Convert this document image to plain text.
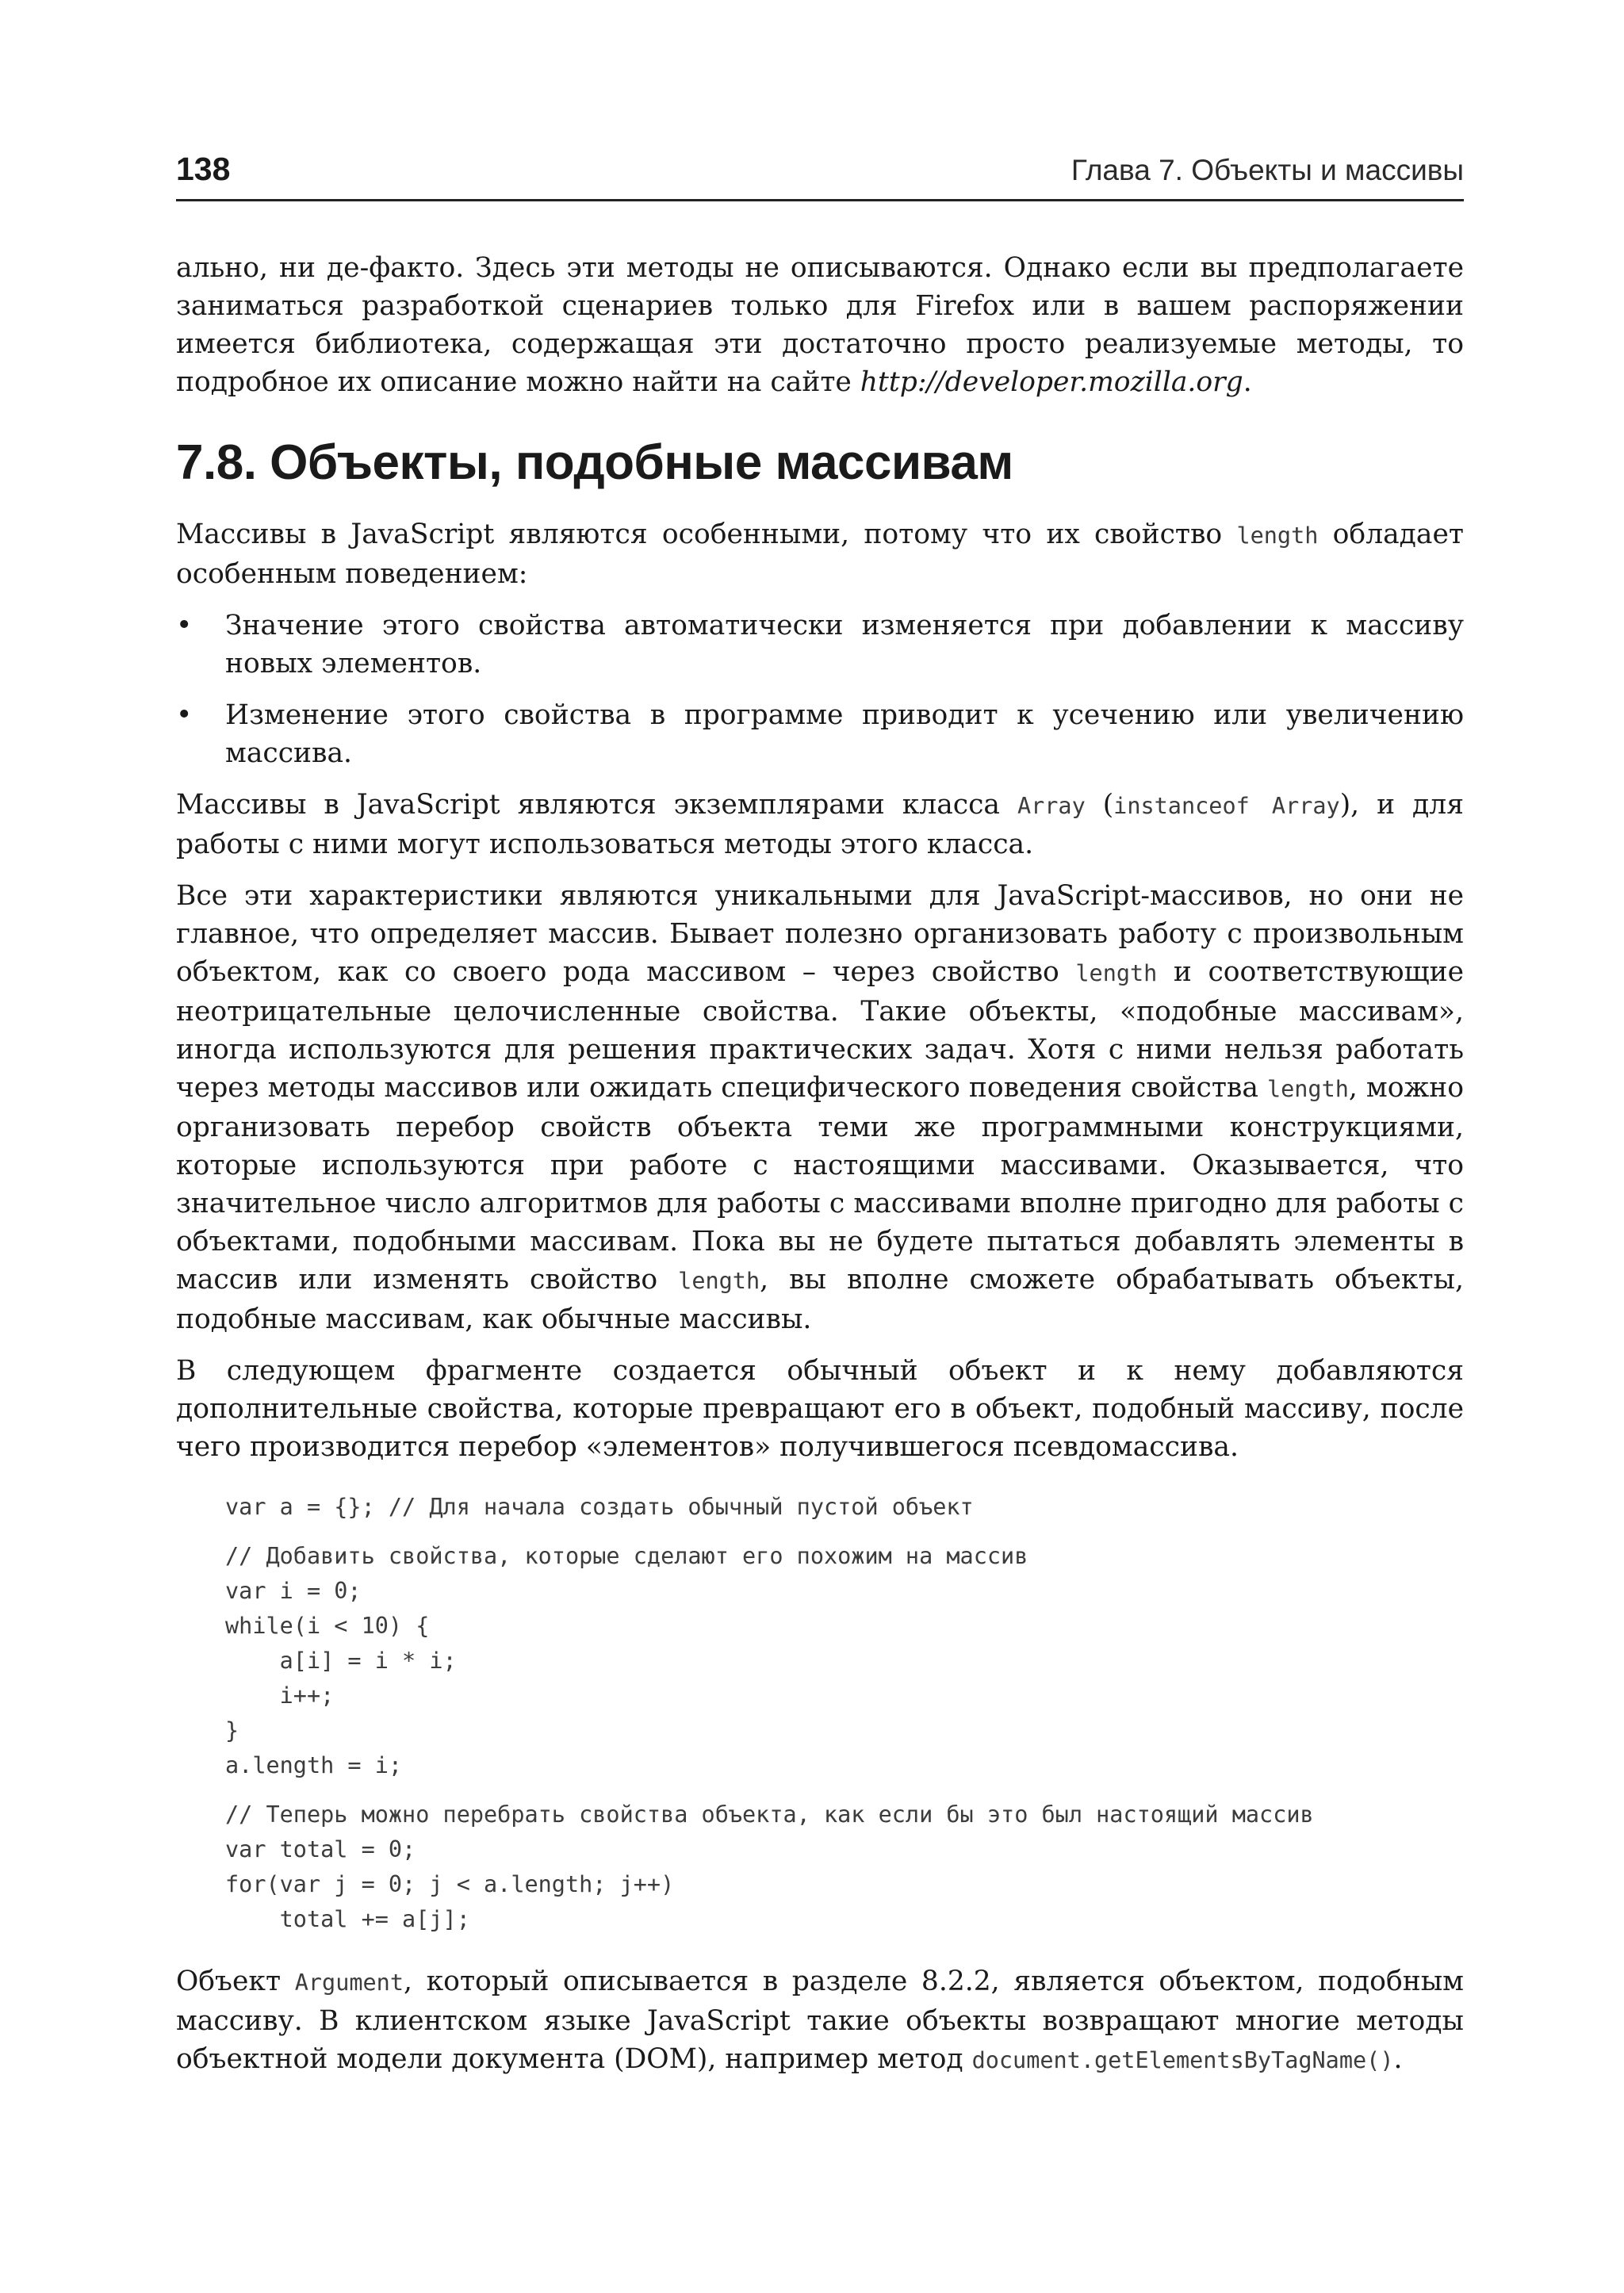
138	Глава 7. Объекты и массивы

ально, ни де-факто. Здесь эти методы не описываются. Однако если вы предполагаете заниматься разработкой сценариев только для Firefox или в вашем распоряжении имеется библиотека, содержащая эти достаточно просто реализуемые методы, то подробное их описание можно найти на сайте http://developer.mozilla.org.

7.8. Объекты, подобные массивам

Массивы в JavaScript являются особенными, потому что их свойство length обладает особенным поведением:

• Значение этого свойства автоматически изменяется при добавлении к массиву новых элементов.
• Изменение этого свойства в программе приводит к усечению или увеличению массива.

Массивы в JavaScript являются экземплярами класса Array (instanceof Array), и для работы с ними могут использоваться методы этого класса.

Все эти характеристики являются уникальными для JavaScript-массивов, но они не главное, что определяет массив. Бывает полезно организовать работу с произвольным объектом, как со своего рода массивом – через свойство length и соответствующие неотрицательные целочисленные свойства. Такие объекты, «подобные массивам», иногда используются для решения практических задач. Хотя с ними нельзя работать через методы массивов или ожидать специфического поведения свойства length, можно организовать перебор свойств объекта теми же программными конструкциями, которые используются при работе с настоящими массивами. Оказывается, что значительное число алгоритмов для работы с массивами вполне пригодно для работы с объектами, подобными массивам. Пока вы не будете пытаться добавлять элементы в массив или изменять свойство length, вы вполне сможете обрабатывать объекты, подобные массивам, как обычные массивы.

В следующем фрагменте создается обычный объект и к нему добавляются дополнительные свойства, которые превращают его в объект, подобный массиву, после чего производится перебор «элементов» получившегося псевдомассива.

var a = {}; // Для начала создать обычный пустой объект
// Добавить свойства, которые сделают его похожим на массив
var i = 0;
while(i < 10) {
a[i] = i * i;
i++;
}
a.length = i;
// Теперь можно перебрать свойства объекта, как если бы это был настоящий массив
var total = 0;
for(var j = 0; j < a.length; j++)
total += a[j];

Объект Argument, который описывается в разделе 8.2.2, является объектом, подобным массиву. В клиентском языке JavaScript такие объекты возвращают многие методы объектной модели документа (DOM), например метод document.getElementsByTagName().
